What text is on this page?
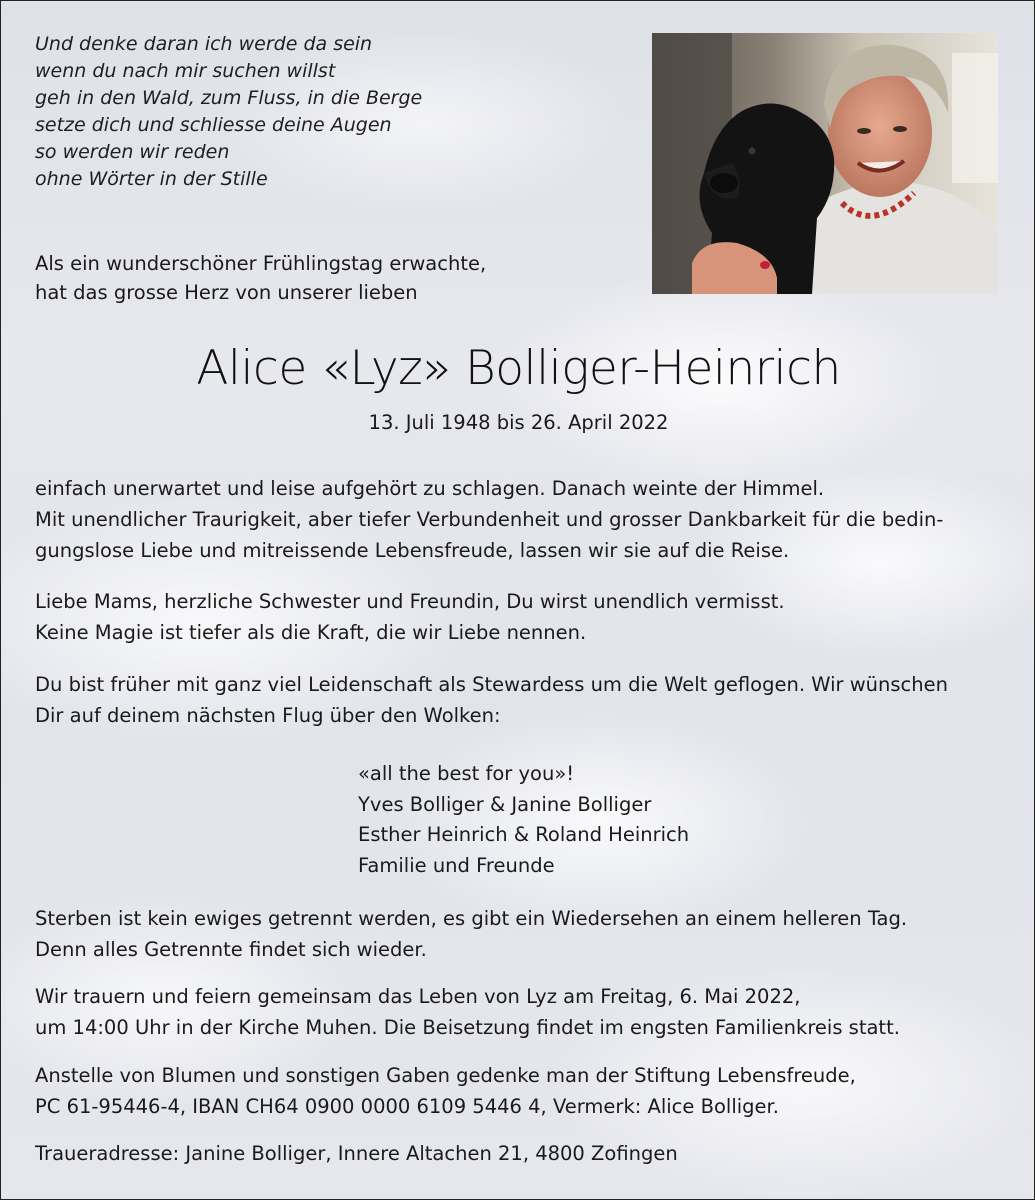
Und denke daran ich werde da sein
wenn du nach mir suchen willst
geh in den Wald, zum Fluss, in die Berge
setze dich und schliesse deine Augen
so werden wir reden
ohne Wörter in der Stille
Als ein wunderschöner Frühlingstag erwachte,
hat das grosse Herz von unserer lieben
Alice «Lyz» Bolliger-Heinrich
13. Juli 1948 bis 26. April 2022
einfach unerwartet und leise aufgehört zu schlagen. Danach weinte der Himmel.
Mit unendlicher Traurigkeit, aber tiefer Verbundenheit und grosser Dankbarkeit für die bedin-
gungslose Liebe und mitreissende Lebensfreude, lassen wir sie auf die Reise.
Liebe Mams, herzliche Schwester und Freundin, Du wirst unendlich vermisst.
Keine Magie ist tiefer als die Kraft, die wir Liebe nennen.
Du bist früher mit ganz viel Leidenschaft als Stewardess um die Welt geflogen. Wir wünschen
Dir auf deinem nächsten Flug über den Wolken:
«all the best for you»!
Yves Bolliger & Janine Bolliger
Esther Heinrich & Roland Heinrich
Familie und Freunde
Sterben ist kein ewiges getrennt werden, es gibt ein Wiedersehen an einem helleren Tag.
Denn alles Getrennte findet sich wieder.
Wir trauern und feiern gemeinsam das Leben von Lyz am Freitag, 6. Mai 2022,
um 14:00 Uhr in der Kirche Muhen. Die Beisetzung findet im engsten Familienkreis statt.
Anstelle von Blumen und sonstigen Gaben gedenke man der Stiftung Lebensfreude,
PC 61-95446-4, IBAN CH64 0900 0000 6109 5446 4, Vermerk: Alice Bolliger.
Traueradresse: Janine Bolliger, Innere Altachen 21, 4800 Zofingen
